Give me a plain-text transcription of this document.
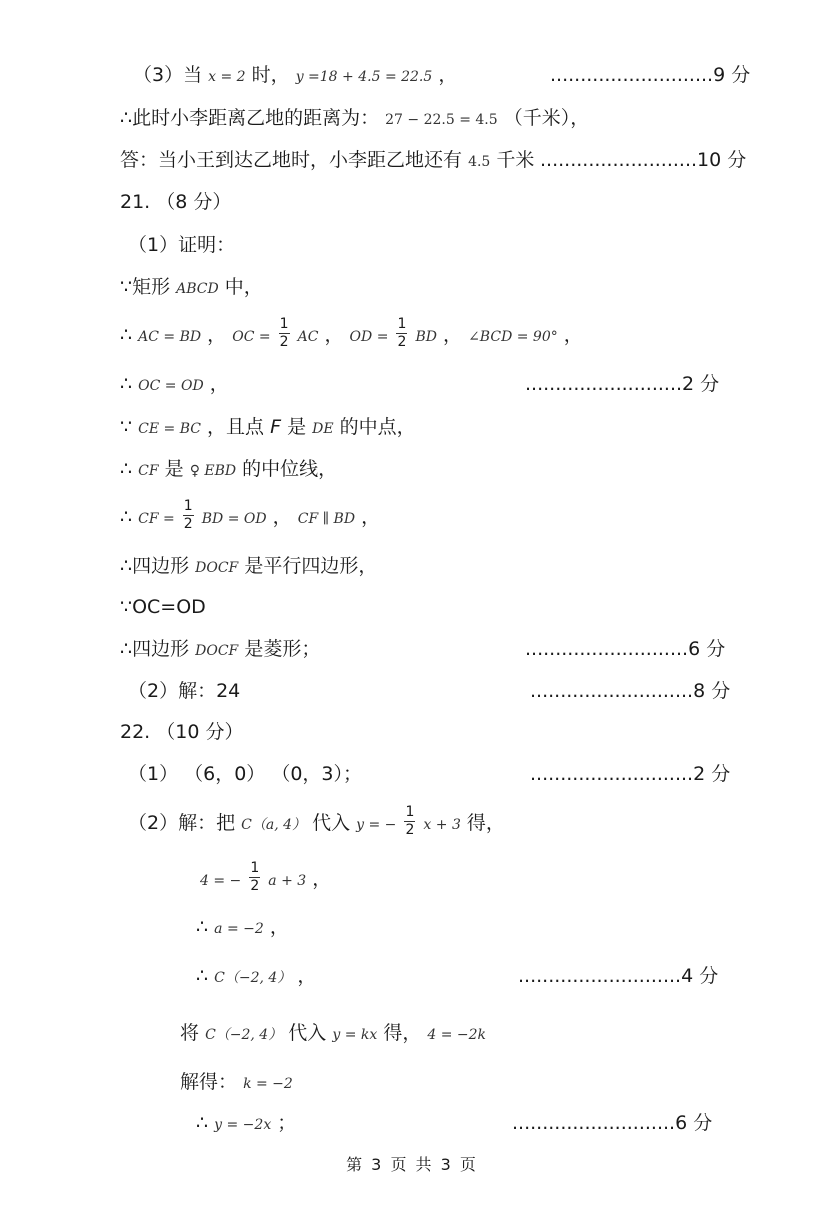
（3）当 x = 2 时， y =18 + 4.5 = 22.5 ，	...........................9 分
∴此时小李距离乙地的距离为： 27 − 22.5 = 4.5 （千米），
答：当小王到达乙地时，小李距乙地还有 4.5 千米 ..........................10 分
21. （8 分）
（1）证明：
∵矩形 ABCD 中，
∴ AC = BD ， OC = $\frac{1}{2}$ AC ， OD = $\frac{1}{2}$ BD ， ∠BCD = 90° ，
∴ OC = OD ，	..........................2 分
∵ CE = BC ，且点 F 是 DE 的中点，
∴ CF 是 ♀ EBD 的中位线，
∴ CF = $\frac{1}{2}$ BD = OD ， CF ∥ BD ，
∴四边形 DOCF 是平行四边形，
∵OC=OD
∴四边形 DOCF 是菱形；	...........................6 分
（2）解：24	...........................8 分
22. （10 分）
（1） （6，0） （0，3）；	...........................2 分
（2）解：把 C（a, 4） 代入 y = − $\frac{1}{2}$ x + 3 得，
4 = − $\frac{1}{2}$ a + 3 ，
∴ a = −2 ，
∴ C（−2, 4） ，	...........................4 分
将 C（−2, 4） 代入 y = kx 得， 4 = −2k
解得： k = −2
∴ y = −2x ；	...........................6 分
第 3 页 共 3 页
